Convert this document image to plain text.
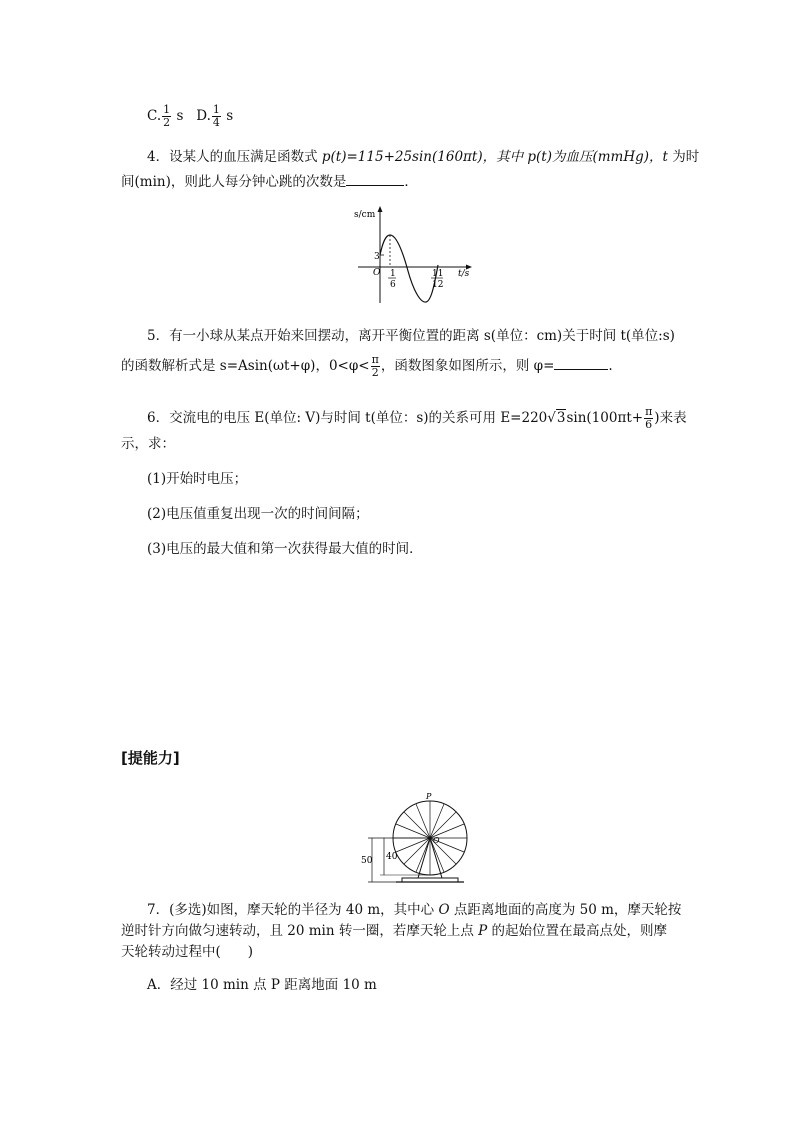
C. $\frac{1}{2}$ s D. $\frac{1}{4}$ s
4．设某人的血压满足函数式 p(t)=115+25sin(160πt)，其中 p(t)为血压(mmHg)，t 为时
间(min)，则此人每分钟心跳的次数是	．
s/cm
t/s
O
3
1
6
11
12
5．有一小球从某点开始来回摆动，离开平衡位置的距离 s(单位：cm)关于时间 t(单位:s)
的函数解析式是 s=Asin(ωt+φ)，$0<\varphi< \frac{\pi}{2}$ ，函数图象如图所示，则 φ=	.
6．交流电的电压 E(单位: V)与时间 t(单位：s)的关系可用 $E=220√3\sin(100\pi t+ \frac{\pi}{6}$ )来表
示，求：
(1)开始时电压；
(2)电压值重复出现一次的时间间隔；
(3)电压的最大值和第一次获得最大值的时间．
[提能力]
50 40
P
O
7．(多选)如图，摩天轮的半径为 40 m，其中心 O 点距离地面的高度为 50 m，摩天轮按
逆时针方向做匀速转动，且 20 min 转一圈，若摩天轮上点 P 的起始位置在最高点处，则摩
天轮转动过程中(　　)
A．经过 10 min 点 P 距离地面 10 m
